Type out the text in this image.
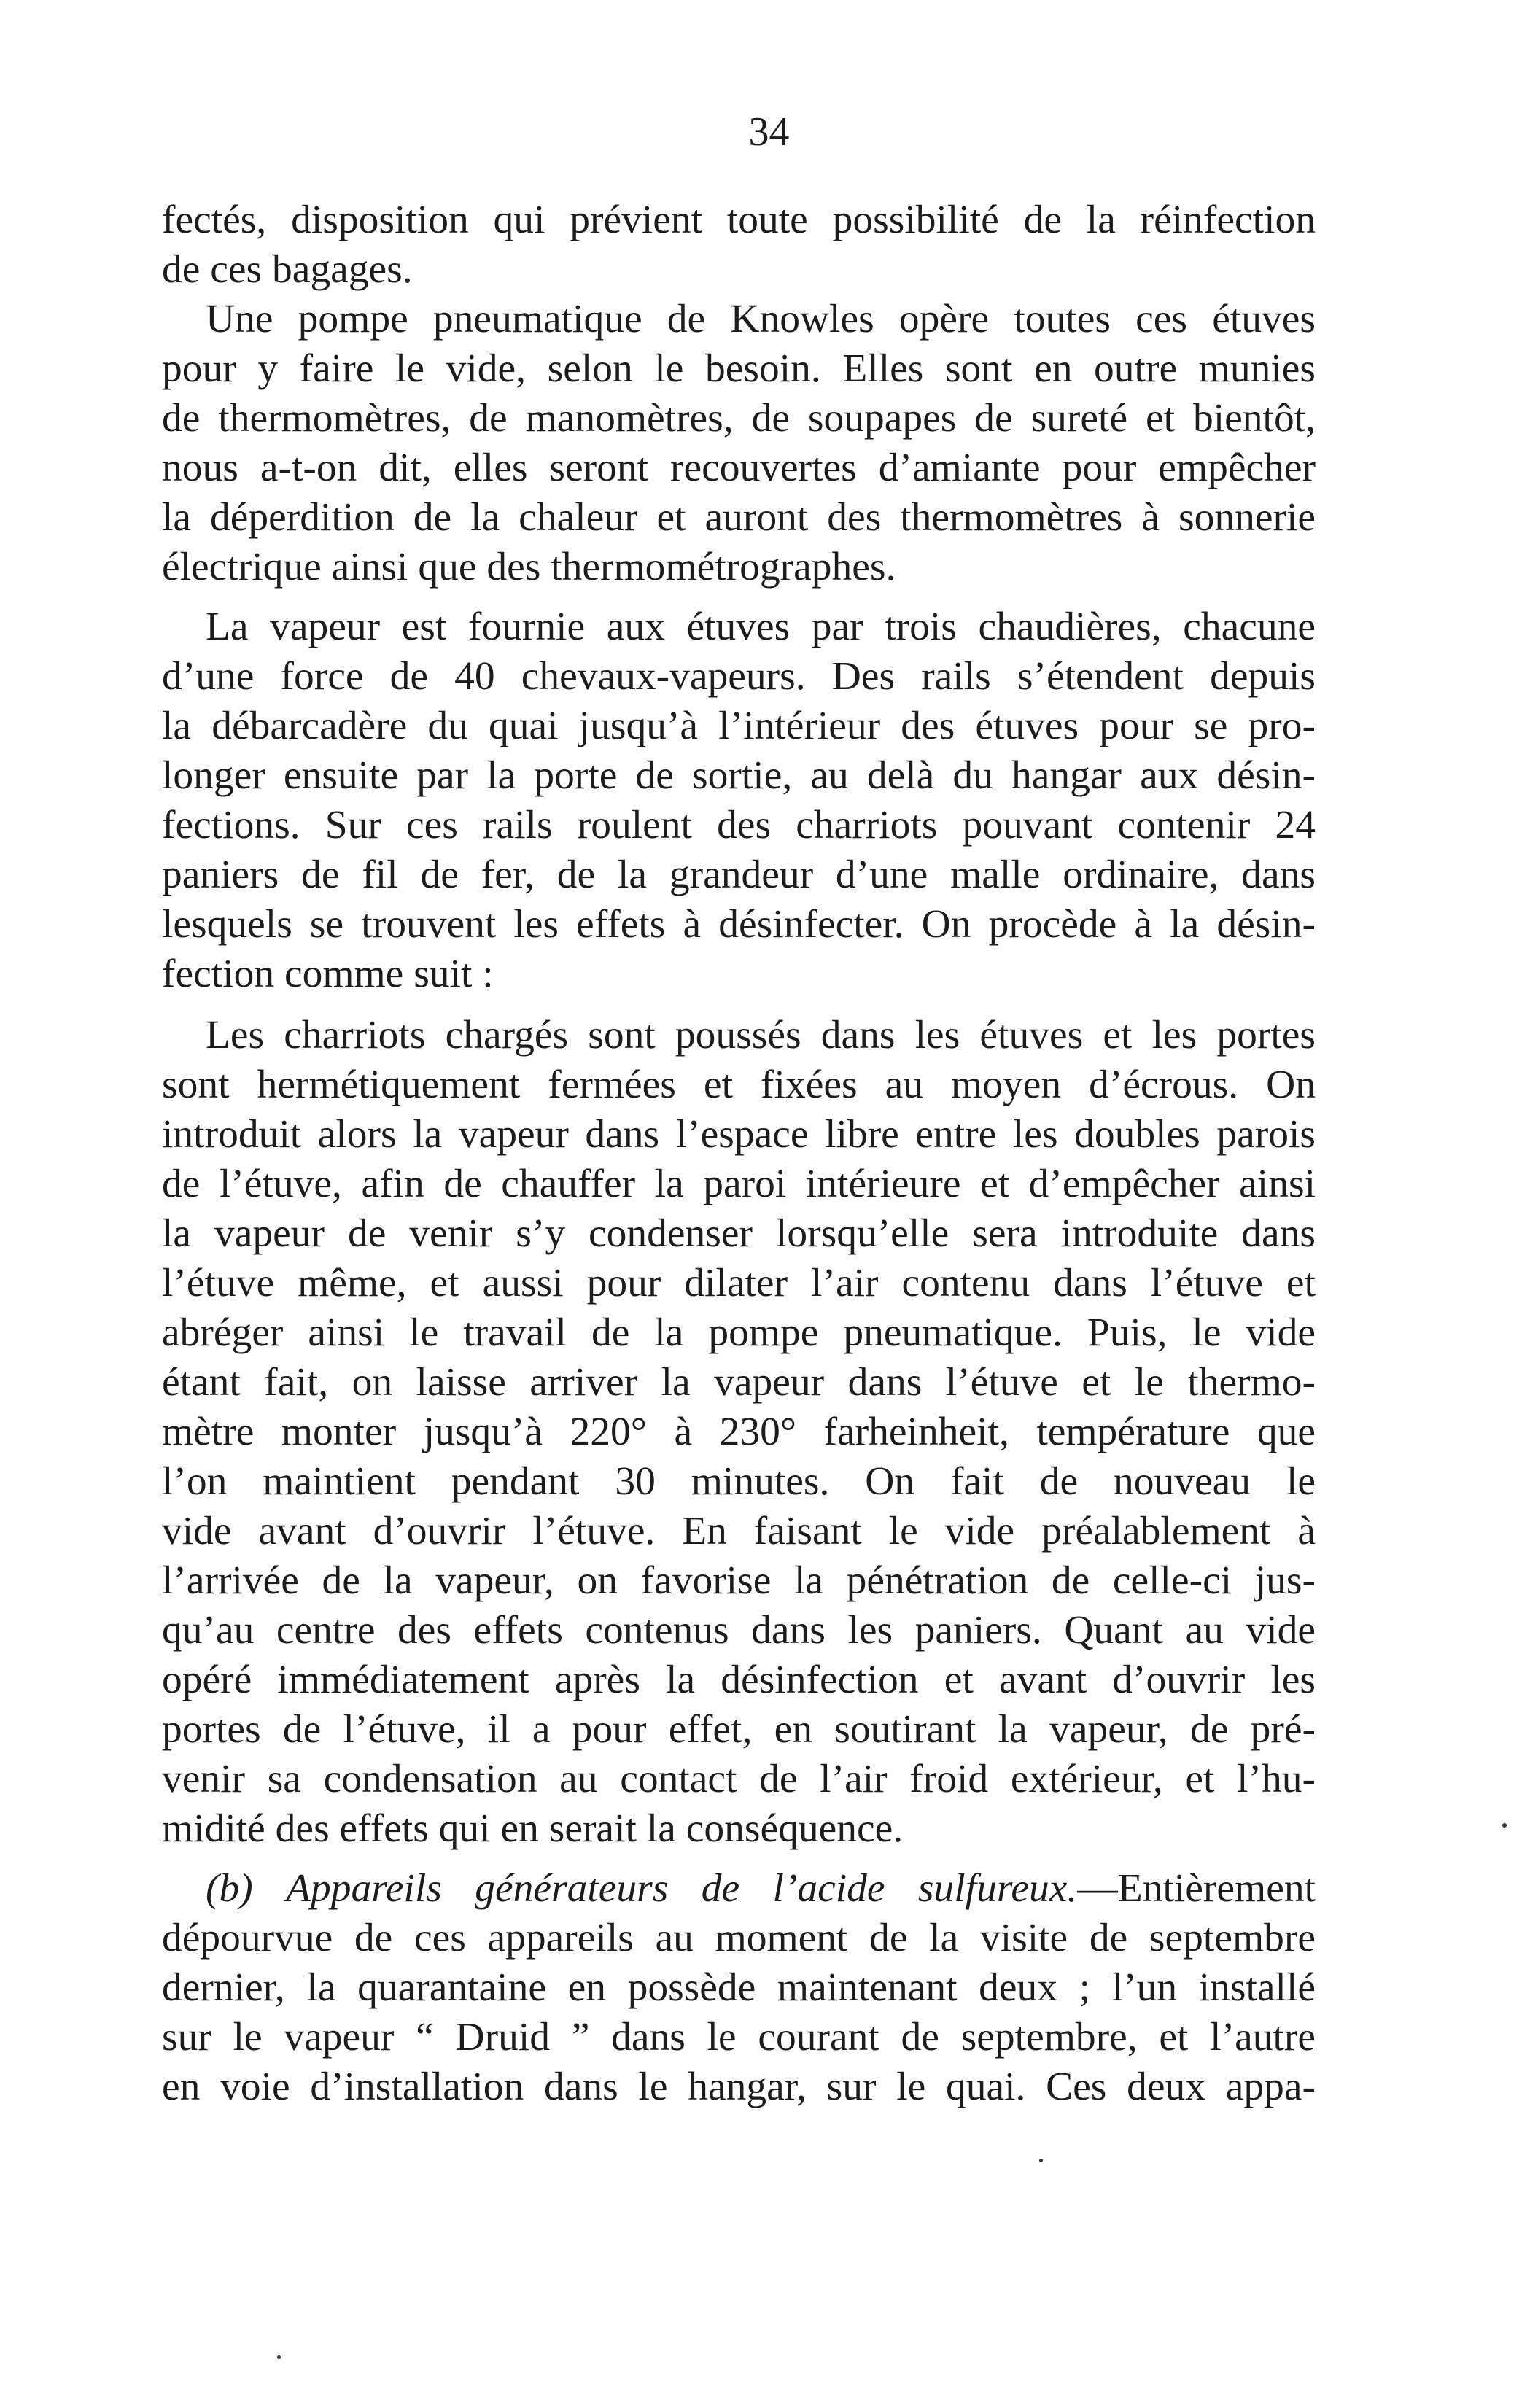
34
fectés, disposition qui prévient toute possibilité de la réinfection
de ces bagages.
Une pompe pneumatique de Knowles opère toutes ces étuves
pour y faire le vide, selon le besoin. Elles sont en outre munies
de thermomètres, de manomètres, de soupapes de sureté et bientôt,
nous a-t-on dit, elles seront recouvertes d’amiante pour empêcher
la déperdition de la chaleur et auront des thermomètres à sonnerie
électrique ainsi que des thermométrographes.
La vapeur est fournie aux étuves par trois chaudières, chacune
d’une force de 40 chevaux-vapeurs. Des rails s’étendent depuis
la débarcadère du quai jusqu’à l’intérieur des étuves pour se pro-
longer ensuite par la porte de sortie, au delà du hangar aux désin-
fections. Sur ces rails roulent des charriots pouvant contenir 24
paniers de fil de fer, de la grandeur d’une malle ordinaire, dans
lesquels se trouvent les effets à désinfecter. On procède à la désin-
fection comme suit :
Les charriots chargés sont poussés dans les étuves et les portes
sont hermétiquement fermées et fixées au moyen d’écrous. On
introduit alors la vapeur dans l’espace libre entre les doubles parois
de l’étuve, afin de chauffer la paroi intérieure et d’empêcher ainsi
la vapeur de venir s’y condenser lorsqu’elle sera introduite dans
l’étuve même, et aussi pour dilater l’air contenu dans l’étuve et
abréger ainsi le travail de la pompe pneumatique. Puis, le vide
étant fait, on laisse arriver la vapeur dans l’étuve et le thermo-
mètre monter jusqu’à 220° à 230° farheinheit, température que
l’on maintient pendant 30 minutes. On fait de nouveau le
vide avant d’ouvrir l’étuve. En faisant le vide préalablement à
l’arrivée de la vapeur, on favorise la pénétration de celle-ci jus-
qu’au centre des effets contenus dans les paniers. Quant au vide
opéré immédiatement après la désinfection et avant d’ouvrir les
portes de l’étuve, il a pour effet, en soutirant la vapeur, de pré-
venir sa condensation au contact de l’air froid extérieur, et l’hu-
midité des effets qui en serait la conséquence.
(b) Appareils générateurs de l’acide sulfureux.—Entièrement
dépourvue de ces appareils au moment de la visite de septembre
dernier, la quarantaine en possède maintenant deux ; l’un installé
sur le vapeur “ Druid ” dans le courant de septembre, et l’autre
en voie d’installation dans le hangar, sur le quai. Ces deux appa-
